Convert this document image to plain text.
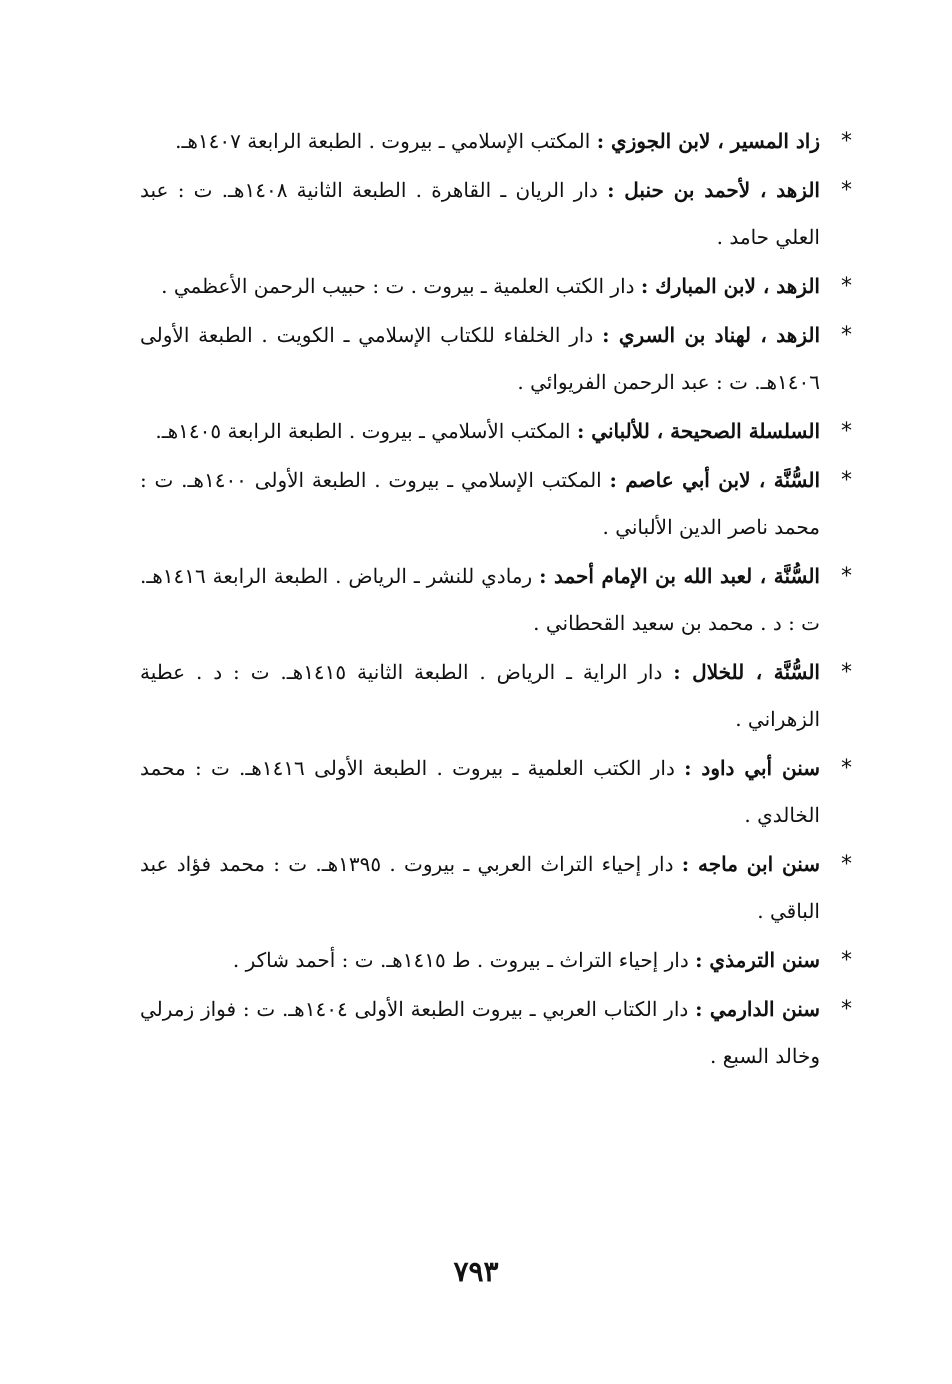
*
زاد المسير ، لابن الجوزي : المكتب الإسلامي ـ بيروت . الطبعة الرابعة ١٤٠٧هـ.
*
الزهد ، لأحمد بن حنبل : دار الريان ـ القاهرة . الطبعة الثانية ١٤٠٨هـ. ت : عبد العلي حامد .
*
الزهد ، لابن المبارك : دار الكتب العلمية ـ بيروت . ت : حبيب الرحمن الأعظمي .
*
الزهد ، لهناد بن السري : دار الخلفاء للكتاب الإسلامي ـ الكويت . الطبعة الأولى ١٤٠٦هـ. ت : عبد الرحمن الفريوائي .
*
السلسلة الصحيحة ، للألباني : المكتب الأسلامي ـ بيروت . الطبعة الرابعة ١٤٠٥هـ.
*
السُّنَّة ، لابن أبي عاصم : المكتب الإسلامي ـ بيروت . الطبعة الأولى ١٤٠٠هـ. ت : محمد ناصر الدين الألباني .
*
السُّنَّة ، لعبد الله بن الإمام أحمد : رمادي للنشر ـ الرياض . الطبعة الرابعة ١٤١٦هـ. ت : د . محمد بن سعيد القحطاني .
*
السُّنَّة ، للخلال : دار الراية ـ الرياض . الطبعة الثانية ١٤١٥هـ. ت : د . عطية الزهراني .
*
سنن أبي داود : دار الكتب العلمية ـ بيروت . الطبعة الأولى ١٤١٦هـ. ت : محمد الخالدي .
*
سنن ابن ماجه : دار إحياء التراث العربي ـ بيروت . ١٣٩٥هـ. ت : محمد فؤاد عبد الباقي .
*
سنن الترمذي : دار إحياء التراث ـ بيروت . ط ١٤١٥هـ. ت : أحمد شاكر .
*
سنن الدارمي : دار الكتاب العربي ـ بيروت الطبعة الأولى ١٤٠٤هـ. ت : فواز زمرلي وخالد السبع .
٧٩٣
